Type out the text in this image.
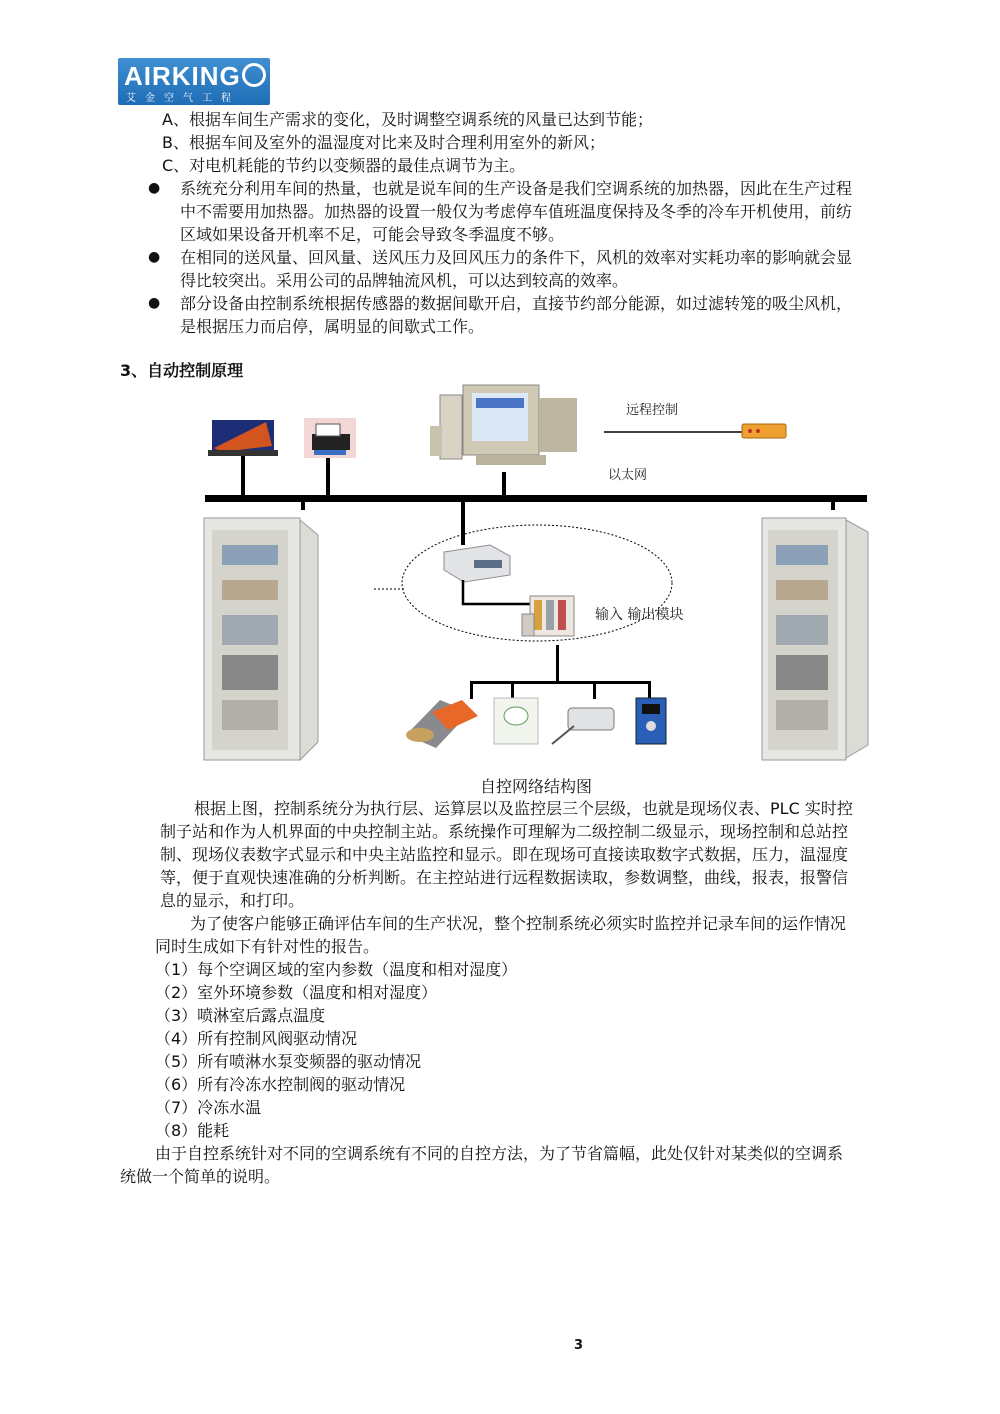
AIRKING
艾金空气工程
A、根据车间生产需求的变化，及时调整空调系统的风量已达到节能；
B、根据车间及室外的温湿度对比来及时合理利用室外的新风；
C、对电机耗能的节约以变频器的最佳点调节为主。
● 系统充分利用车间的热量，也就是说车间的生产设备是我们空调系统的加热器，因此在生产过程
中不需要用加热器。加热器的设置一般仅为考虑停车值班温度保持及冬季的冷车开机使用，前纺
区域如果设备开机率不足，可能会导致冬季温度不够。
● 在相同的送风量、回风量、送风压力及回风压力的条件下，风机的效率对实耗功率的影响就会显
得比较突出。采用公司的品牌轴流风机，可以达到较高的效率。
● 部分设备由控制系统根据传感器的数据间歇开启，直接节约部分能源，如过滤转笼的吸尘风机，
是根据压力而启停，属明显的间歇式工作。
3、自动控制原理
远程控制
以太网
输入 输出模块
自控网络结构图
根据上图，控制系统分为执行层、运算层以及监控层三个层级，也就是现场仪表、PLC 实时控
制子站和作为人机界面的中央控制主站。系统操作可理解为二级控制二级显示，现场控制和总站控
制、现场仪表数字式显示和中央主站监控和显示。即在现场可直接读取数字式数据，压力，温湿度
等，便于直观快速准确的分析判断。在主控站进行远程数据读取，参数调整，曲线，报表，报警信
息的显示，和打印。
为了使客户能够正确评估车间的生产状况，整个控制系统必须实时监控并记录车间的运作情况
同时生成如下有针对性的报告。
（1）每个空调区域的室内参数（温度和相对湿度）
（2）室外环境参数（温度和相对湿度）
（3）喷淋室后露点温度
（4）所有控制风阀驱动情况
（5）所有喷淋水泵变频器的驱动情况
（6）所有冷冻水控制阀的驱动情况
（7）冷冻水温
（8）能耗
由于自控系统针对不同的空调系统有不同的自控方法，为了节省篇幅，此处仅针对某类似的空调系
统做一个简单的说明。
3
